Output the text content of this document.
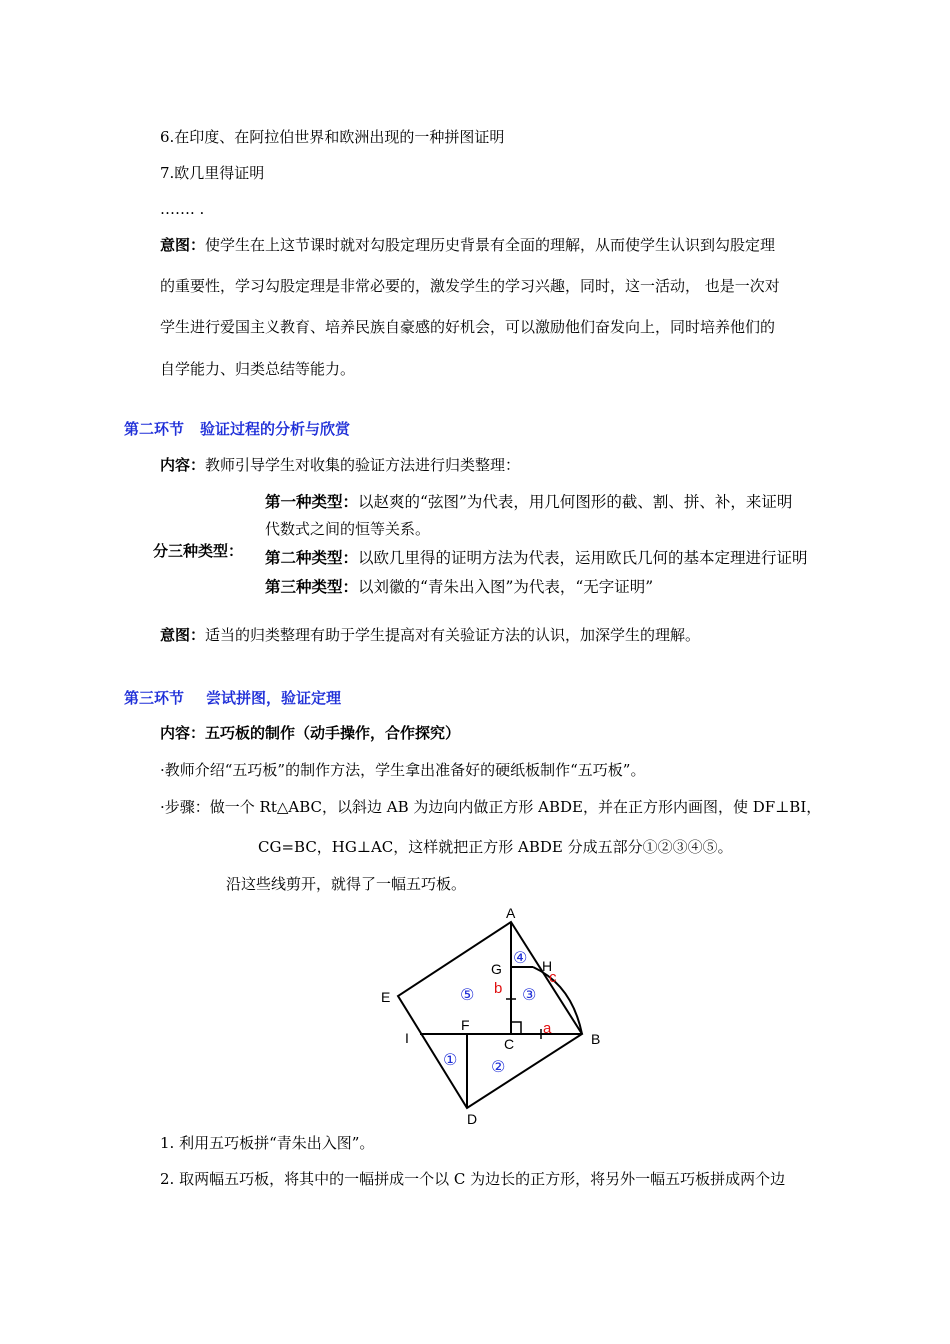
6.在印度、在阿拉伯世界和欧洲出现的一种拼图证明
7.欧几里得证明
……. .
意图：使学生在上这节课时就对勾股定理历史背景有全面的理解，从而使学生认识到勾股定理
的重要性，学习勾股定理是非常必要的，激发学生的学习兴趣，同时，这一活动， 也是一次对
学生进行爱国主义教育、培养民族自豪感的好机会，可以激励他们奋发向上，同时培养他们的
自学能力、归类总结等能力。
第二环节 验证过程的分析与欣赏
内容：教师引导学生对收集的验证方法进行归类整理：
分三种类型：
第一种类型：以赵爽的“弦图”为代表，用几何图形的截、割、拼、补，来证明
代数式之间的恒等关系。
第二种类型：以欧几里得的证明方法为代表，运用欧氏几何的基本定理进行证明
第三种类型：以刘徽的“青朱出入图”为代表，“无字证明”
意图：适当的归类整理有助于学生提高对有关验证方法的认识，加深学生的理解。
第三环节 尝试拼图，验证定理
内容：五巧板的制作（动手操作，合作探究）
·教师介绍“五巧板”的制作方法，学生拿出准备好的硬纸板制作“五巧板”。
·步骤：做一个 Rt△ABC，以斜边 AB 为边向内做正方形 ABDE，并在正方形内画图，使 DF⊥BI，
CG=BC，HG⊥AC，这样就把正方形 ABDE 分成五部分①②③④⑤。
沿这些线剪开，就得了一幅五巧板。
A
B
C
D
E
F
G	H
I
① ②
③
④
⑤
a
b
c
1. 利用五巧板拼“青朱出入图”。
2. 取两幅五巧板，将其中的一幅拼成一个以 C 为边长的正方形，将另外一幅五巧板拼成两个边
